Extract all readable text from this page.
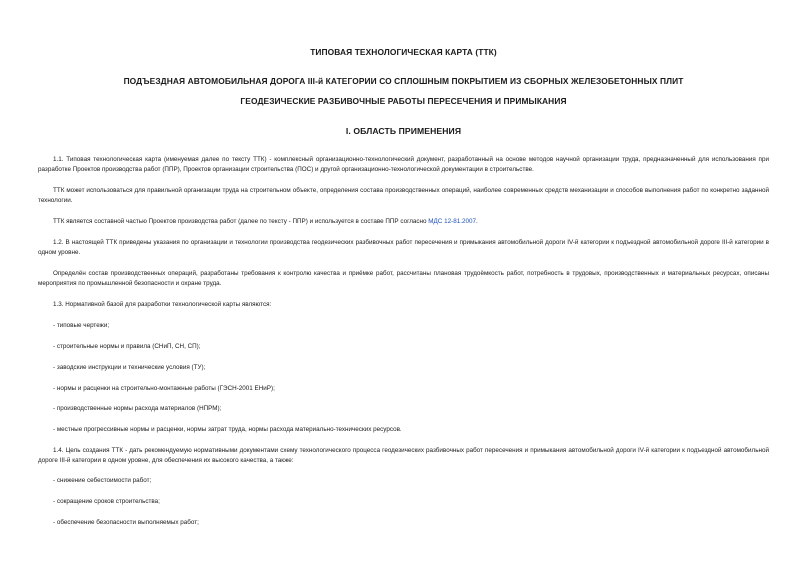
ТИПОВАЯ ТЕХНОЛОГИЧЕСКАЯ КАРТА (ТТК)
ПОДЪЕЗДНАЯ АВТОМОБИЛЬНАЯ ДОРОГА III-й КАТЕГОРИИ СО СПЛОШНЫМ ПОКРЫТИЕМ ИЗ СБОРНЫХ ЖЕЛЕЗОБЕТОННЫХ ПЛИТ
ГЕОДЕЗИЧЕСКИЕ РАЗБИВОЧНЫЕ РАБОТЫ ПЕРЕСЕЧЕНИЯ И ПРИМЫКАНИЯ
I. ОБЛАСТЬ ПРИМЕНЕНИЯ
1.1. Типовая технологическая карта (именуемая далее по тексту ТТК) - комплексный организационно-технологический документ, разработанный на основе методов научной организации труда, предназначенный для использования при разработке Проектов производства работ (ППР), Проектов организации строительства (ПОС) и другой организационно-технологической документации в строительстве.
ТТК может использоваться для правильной организации труда на строительном объекте, определения состава производственных операций, наиболее современных средств механизации и способов выполнения работ по конкретно заданной технологии.
ТТК является составной частью Проектов производства работ (далее по тексту - ППР) и используется в составе ППР согласно МДС 12-81.2007.
1.2. В настоящей ТТК приведены указания по организации и технологии производства геодезических разбивочных работ пересечения и примыкания автомобильной дороги IV-й категории к подъездной автомобильной дороге III-й категории в одном уровне.
Определён состав производственных операций, разработаны требования к контролю качества и приёмке работ, рассчитаны плановая трудоёмкость работ, потребность в трудовых, производственных и материальных ресурсах, описаны мероприятия по промышленной безопасности и охране труда.
1.3. Нормативной базой для разработки технологической карты являются:
- типовые чертежи;
- строительные нормы и правила (СНиП, СН, СП);
- заводские инструкции и технические условия (ТУ);
- нормы и расценки на строительно-монтажные работы (ГЭСН-2001 ЕНиР);
- производственные нормы расхода материалов (НПРМ);
- местные прогрессивные нормы и расценки, нормы затрат труда, нормы расхода материально-технических ресурсов.
1.4. Цель создания ТТК - дать рекомендуемую нормативными документами схему технологического процесса геодезических разбивочных работ пересечения и примыкания автомобильной дороги IV-й категории к подъездной автомобильной дороге III-й категории в одном уровне, для обеспечения их высокого качества, а также:
- снижение себестоимости работ;
- сокращение сроков строительства;
- обеспечение безопасности выполняемых работ;
